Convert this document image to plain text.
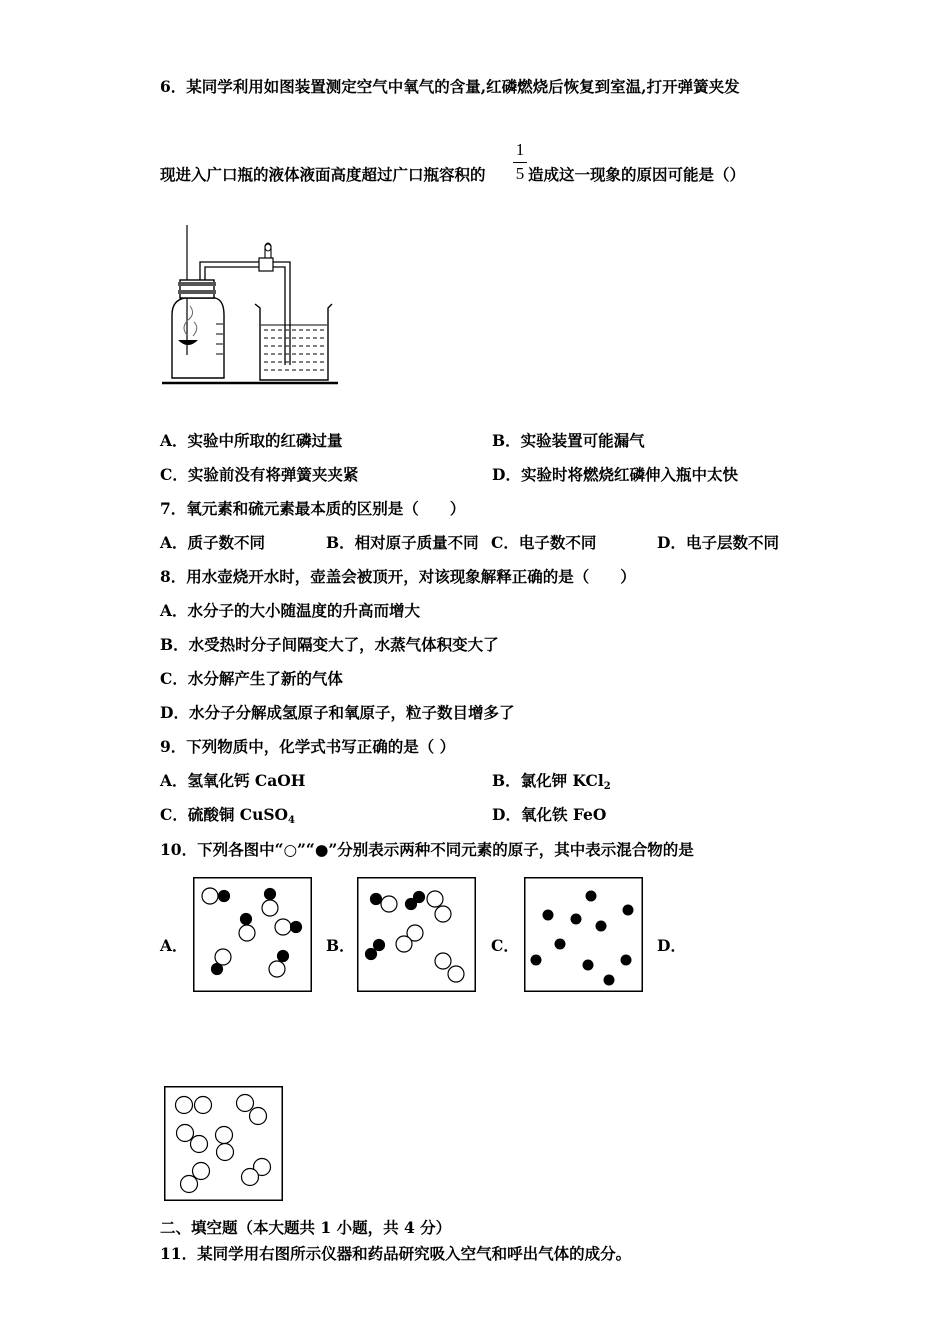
6．某同学利用如图装置测定空气中氧气的含量,红磷燃烧后恢复到室温,打开弹簧夹发
1
5
现进入广口瓶的液体液面高度超过广口瓶容积的	造成这一现象的原因可能是（）
A．实验中所取的红磷过量	B．实验装置可能漏气
C．实验前没有将弹簧夹夹紧	D．实验时将燃烧红磷伸入瓶中太快
7．氧元素和硫元素最本质的区别是（　　）
A．质子数不同	B．相对原子质量不同 C．电子数不同	D．电子层数不同
8．用水壶烧开水时，壶盖会被顶开，对该现象解释正确的是（　　）
A．水分子的大小随温度的升高而增大
B．水受热时分子间隔变大了，水蒸气体积变大了
C．水分解产生了新的气体
D．水分子分解成氢原子和氧原子，粒子数目增多了
9．下列物质中，化学式书写正确的是（ ）
A．氢氧化钙 CaOH	B．氯化钾 KCl$_2$
C．硫酸铜 CuSO$_4$	D．氧化铁 FeO
10．下列各图中“○”“●”分别表示两种不同元素的原子，其中表示混合物的是
A．	B．	C．	D．
二、填空题（本大题共 1 小题，共 4 分）
11．某同学用右图所示仪器和药品研究吸入空气和呼出气体的成分。
